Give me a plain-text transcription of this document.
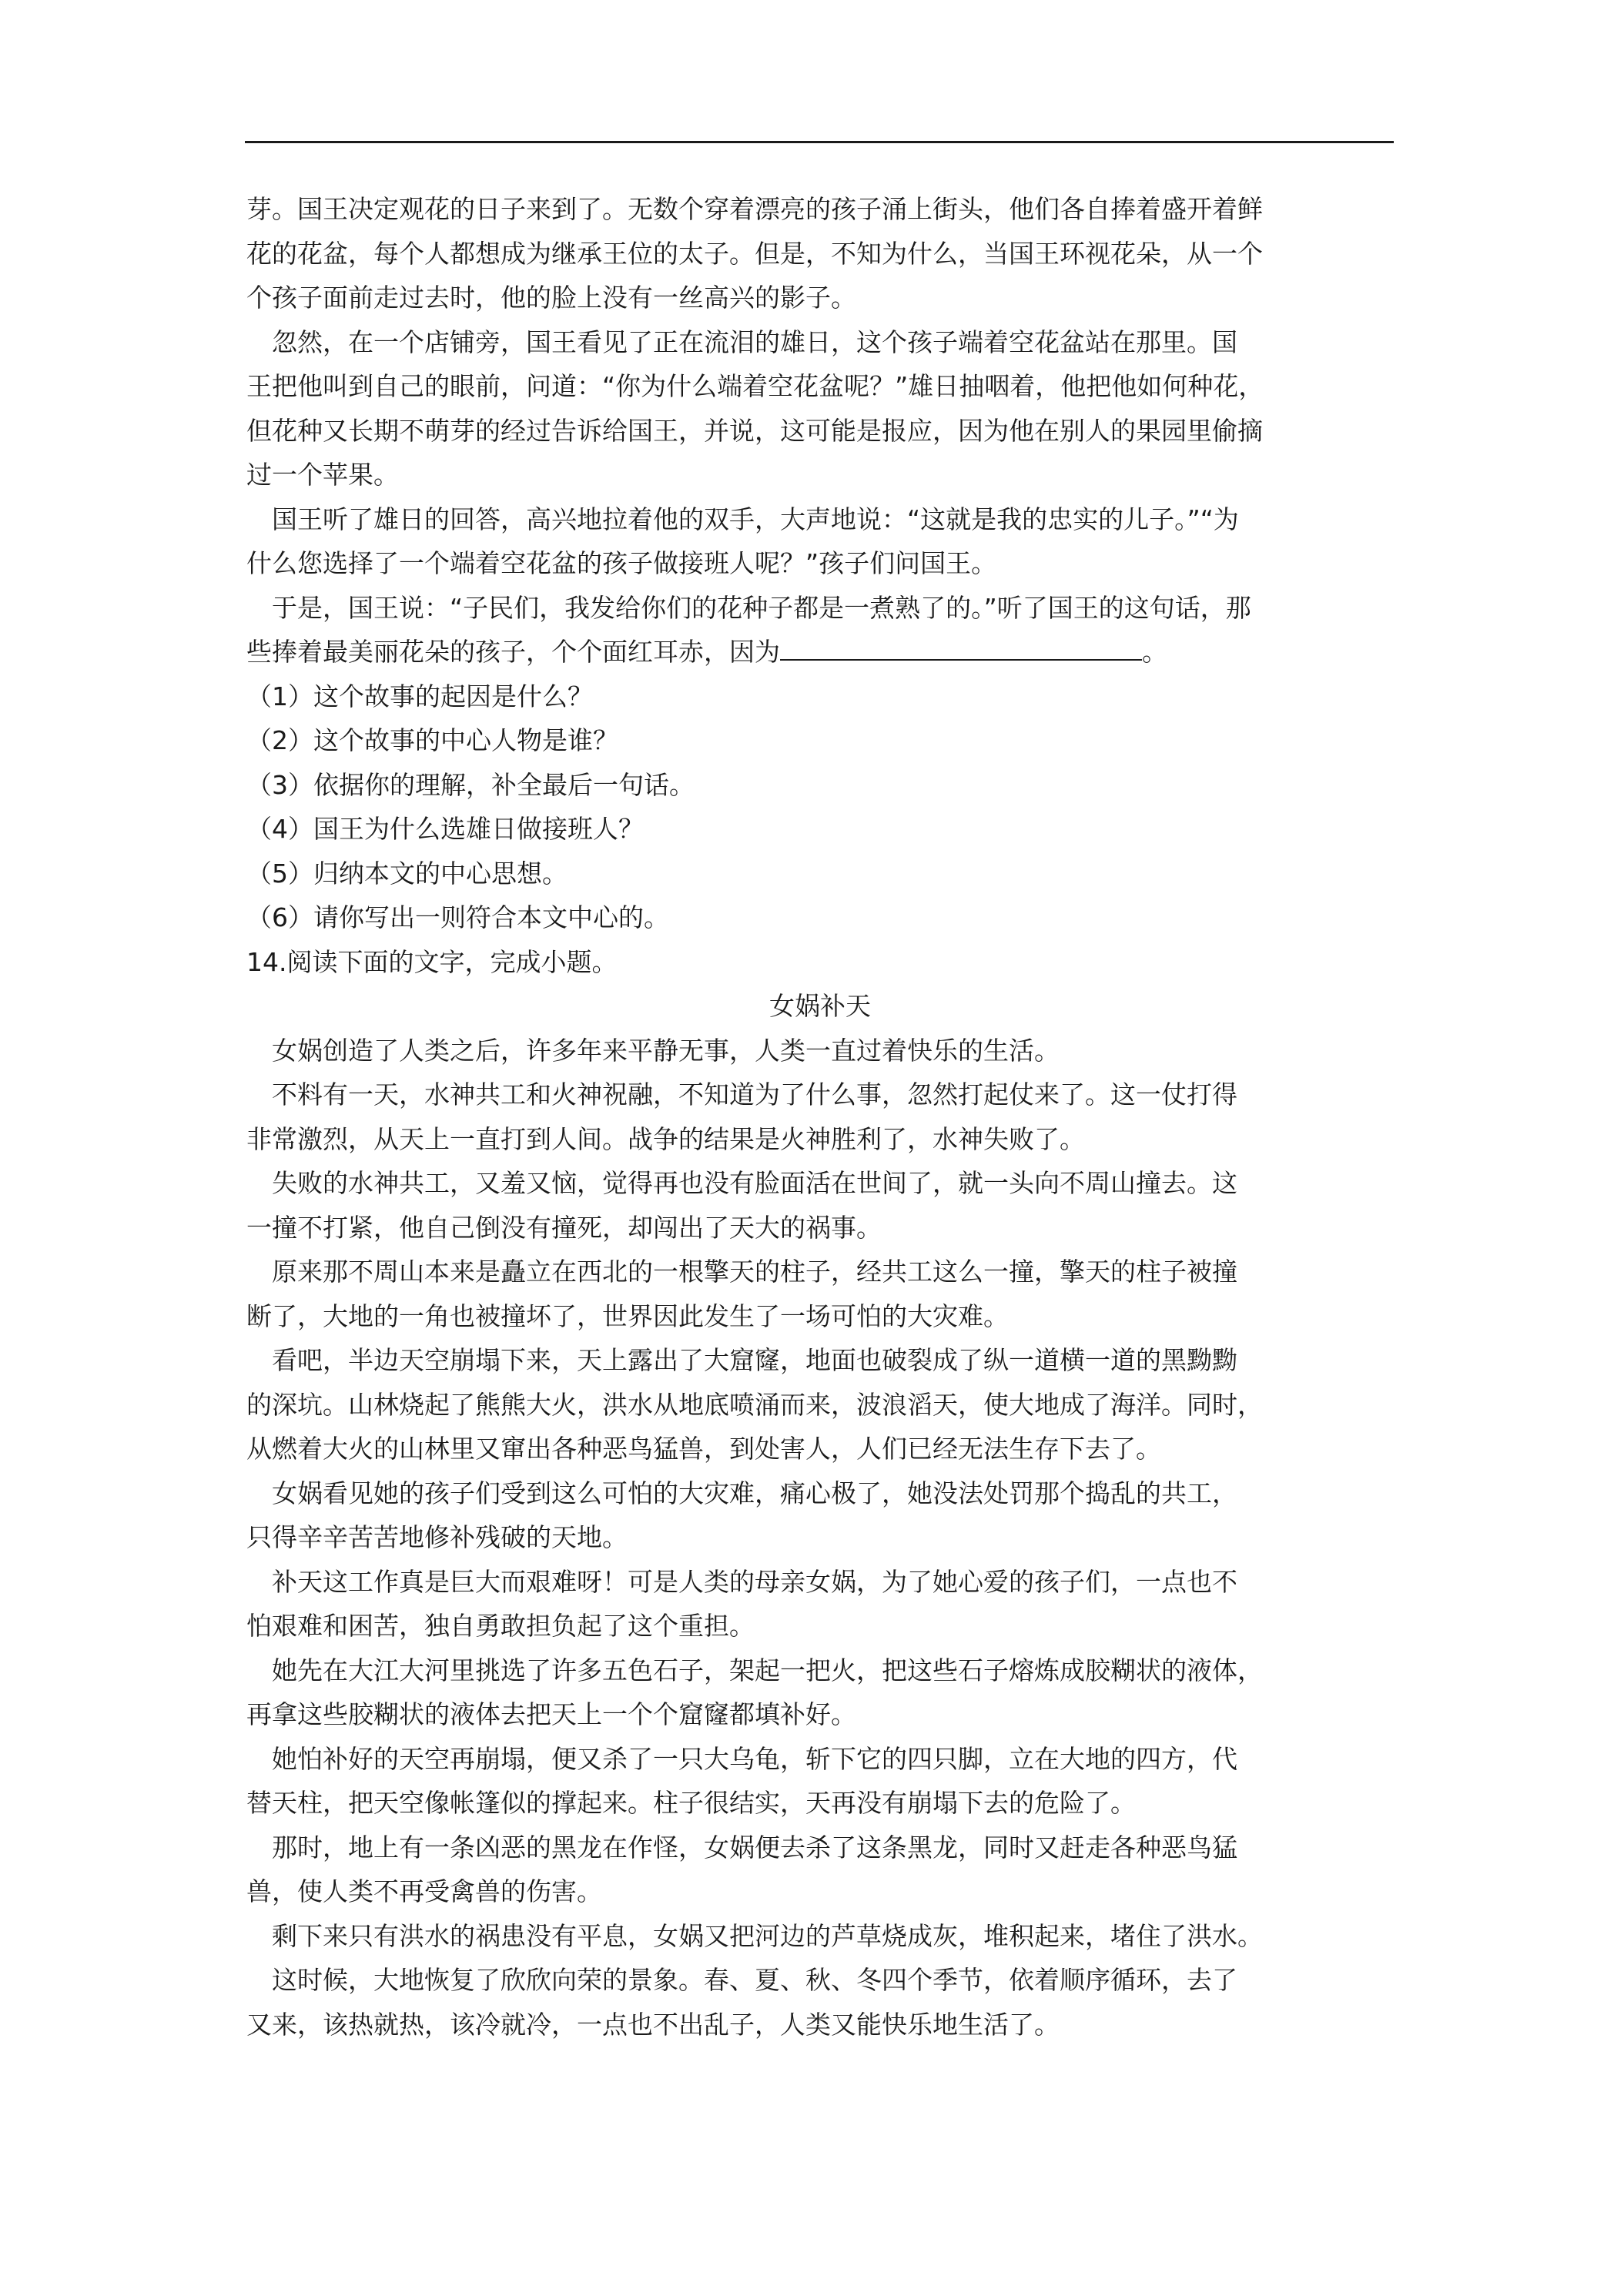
芽。国王决定观花的日子来到了。无数个穿着漂亮的孩子涌上街头，他们各自捧着盛开着鲜

花的花盆，每个人都想成为继承王位的太子。但是，不知为什么，当国王环视花朵，从一个

个孩子面前走过去时，他的脸上没有一丝高兴的影子。

忽然，在一个店铺旁，国王看见了正在流泪的雄日，这个孩子端着空花盆站在那里。国

王把他叫到自己的眼前，问道：“你为什么端着空花盆呢？”雄日抽咽着，他把他如何种花，

但花种又长期不萌芽的经过告诉给国王，并说，这可能是报应，因为他在别人的果园里偷摘

过一个苹果。

国王听了雄日的回答，高兴地拉着他的双手，大声地说：“这就是我的忠实的儿子。”“为

什么您选择了一个端着空花盆的孩子做接班人呢？”孩子们问国王。

于是，国王说：“子民们，我发给你们的花种子都是一煮熟了的。”听了国王的这句话，那

些捧着最美丽花朵的孩子，个个面红耳赤，因为	。

（1）这个故事的起因是什么？

（2）这个故事的中心人物是谁？

（3）依据你的理解，补全最后一句话。

（4）国王为什么选雄日做接班人？

（5）归纳本文的中心思想。

（6）请你写出一则符合本文中心的。

14.阅读下面的文字，完成小题。

女娲补天

女娲创造了人类之后，许多年来平静无事，人类一直过着快乐的生活。

不料有一天，水神共工和火神祝融，不知道为了什么事，忽然打起仗来了。这一仗打得

非常激烈，从天上一直打到人间。战争的结果是火神胜利了，水神失败了。

失败的水神共工，又羞又恼，觉得再也没有脸面活在世间了，就一头向不周山撞去。这

一撞不打紧，他自己倒没有撞死，却闯出了天大的祸事。

原来那不周山本来是矗立在西北的一根擎天的柱子，经共工这么一撞，擎天的柱子被撞

断了，大地的一角也被撞坏了，世界因此发生了一场可怕的大灾难。

看吧，半边天空崩塌下来，天上露出了大窟窿，地面也破裂成了纵一道横一道的黑黝黝

的深坑。山林烧起了熊熊大火，洪水从地底喷涌而来，波浪滔天，使大地成了海洋。同时，

从燃着大火的山林里又窜出各种恶鸟猛兽，到处害人，人们已经无法生存下去了。

女娲看见她的孩子们受到这么可怕的大灾难，痛心极了，她没法处罚那个捣乱的共工，

只得辛辛苦苦地修补残破的天地。

补天这工作真是巨大而艰难呀！可是人类的母亲女娲，为了她心爱的孩子们，一点也不

怕艰难和困苦，独自勇敢担负起了这个重担。

她先在大江大河里挑选了许多五色石子，架起一把火，把这些石子熔炼成胶糊状的液体，

再拿这些胶糊状的液体去把天上一个个窟窿都填补好。

她怕补好的天空再崩塌，便又杀了一只大乌龟，斩下它的四只脚，立在大地的四方，代

替天柱，把天空像帐篷似的撑起来。柱子很结实，天再没有崩塌下去的危险了。

那时，地上有一条凶恶的黑龙在作怪，女娲便去杀了这条黑龙，同时又赶走各种恶鸟猛

兽，使人类不再受禽兽的伤害。

剩下来只有洪水的祸患没有平息，女娲又把河边的芦草烧成灰，堆积起来，堵住了洪水。

这时候，大地恢复了欣欣向荣的景象。春、夏、秋、冬四个季节，依着顺序循环，去了

又来，该热就热，该冷就冷，一点也不出乱子，人类又能快乐地生活了。
